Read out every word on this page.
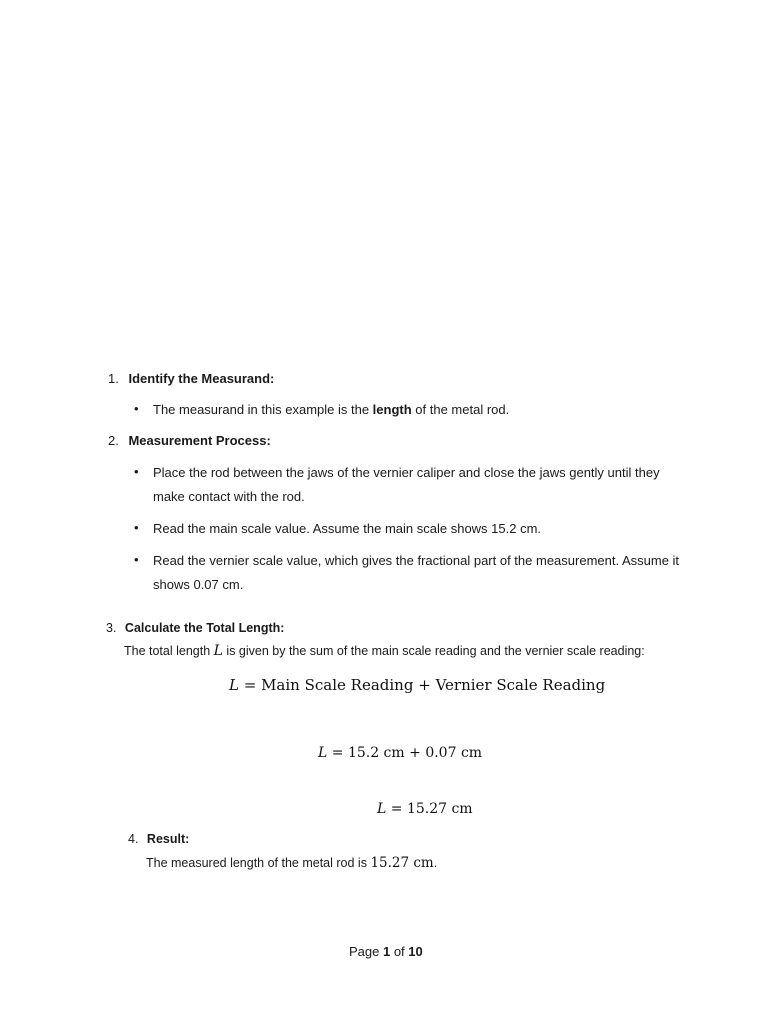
1. Identify the Measurand:
• The measurand in this example is the length of the metal rod.
2. Measurement Process:
• Place the rod between the jaws of the vernier caliper and close the jaws gently until they
make contact with the rod.
• Read the main scale value. Assume the main scale shows 15.2 cm.
• Read the vernier scale value, which gives the fractional part of the measurement. Assume it
shows 0.07 cm.
3. Calculate the Total Length:
The total length L is given by the sum of the main scale reading and the vernier scale reading:
L = Main Scale Reading + Vernier Scale Reading
L = 15.2 cm + 0.07 cm
L = 15.27 cm
4. Result:
The measured length of the metal rod is 15.27 cm.
Page 1 of 10
